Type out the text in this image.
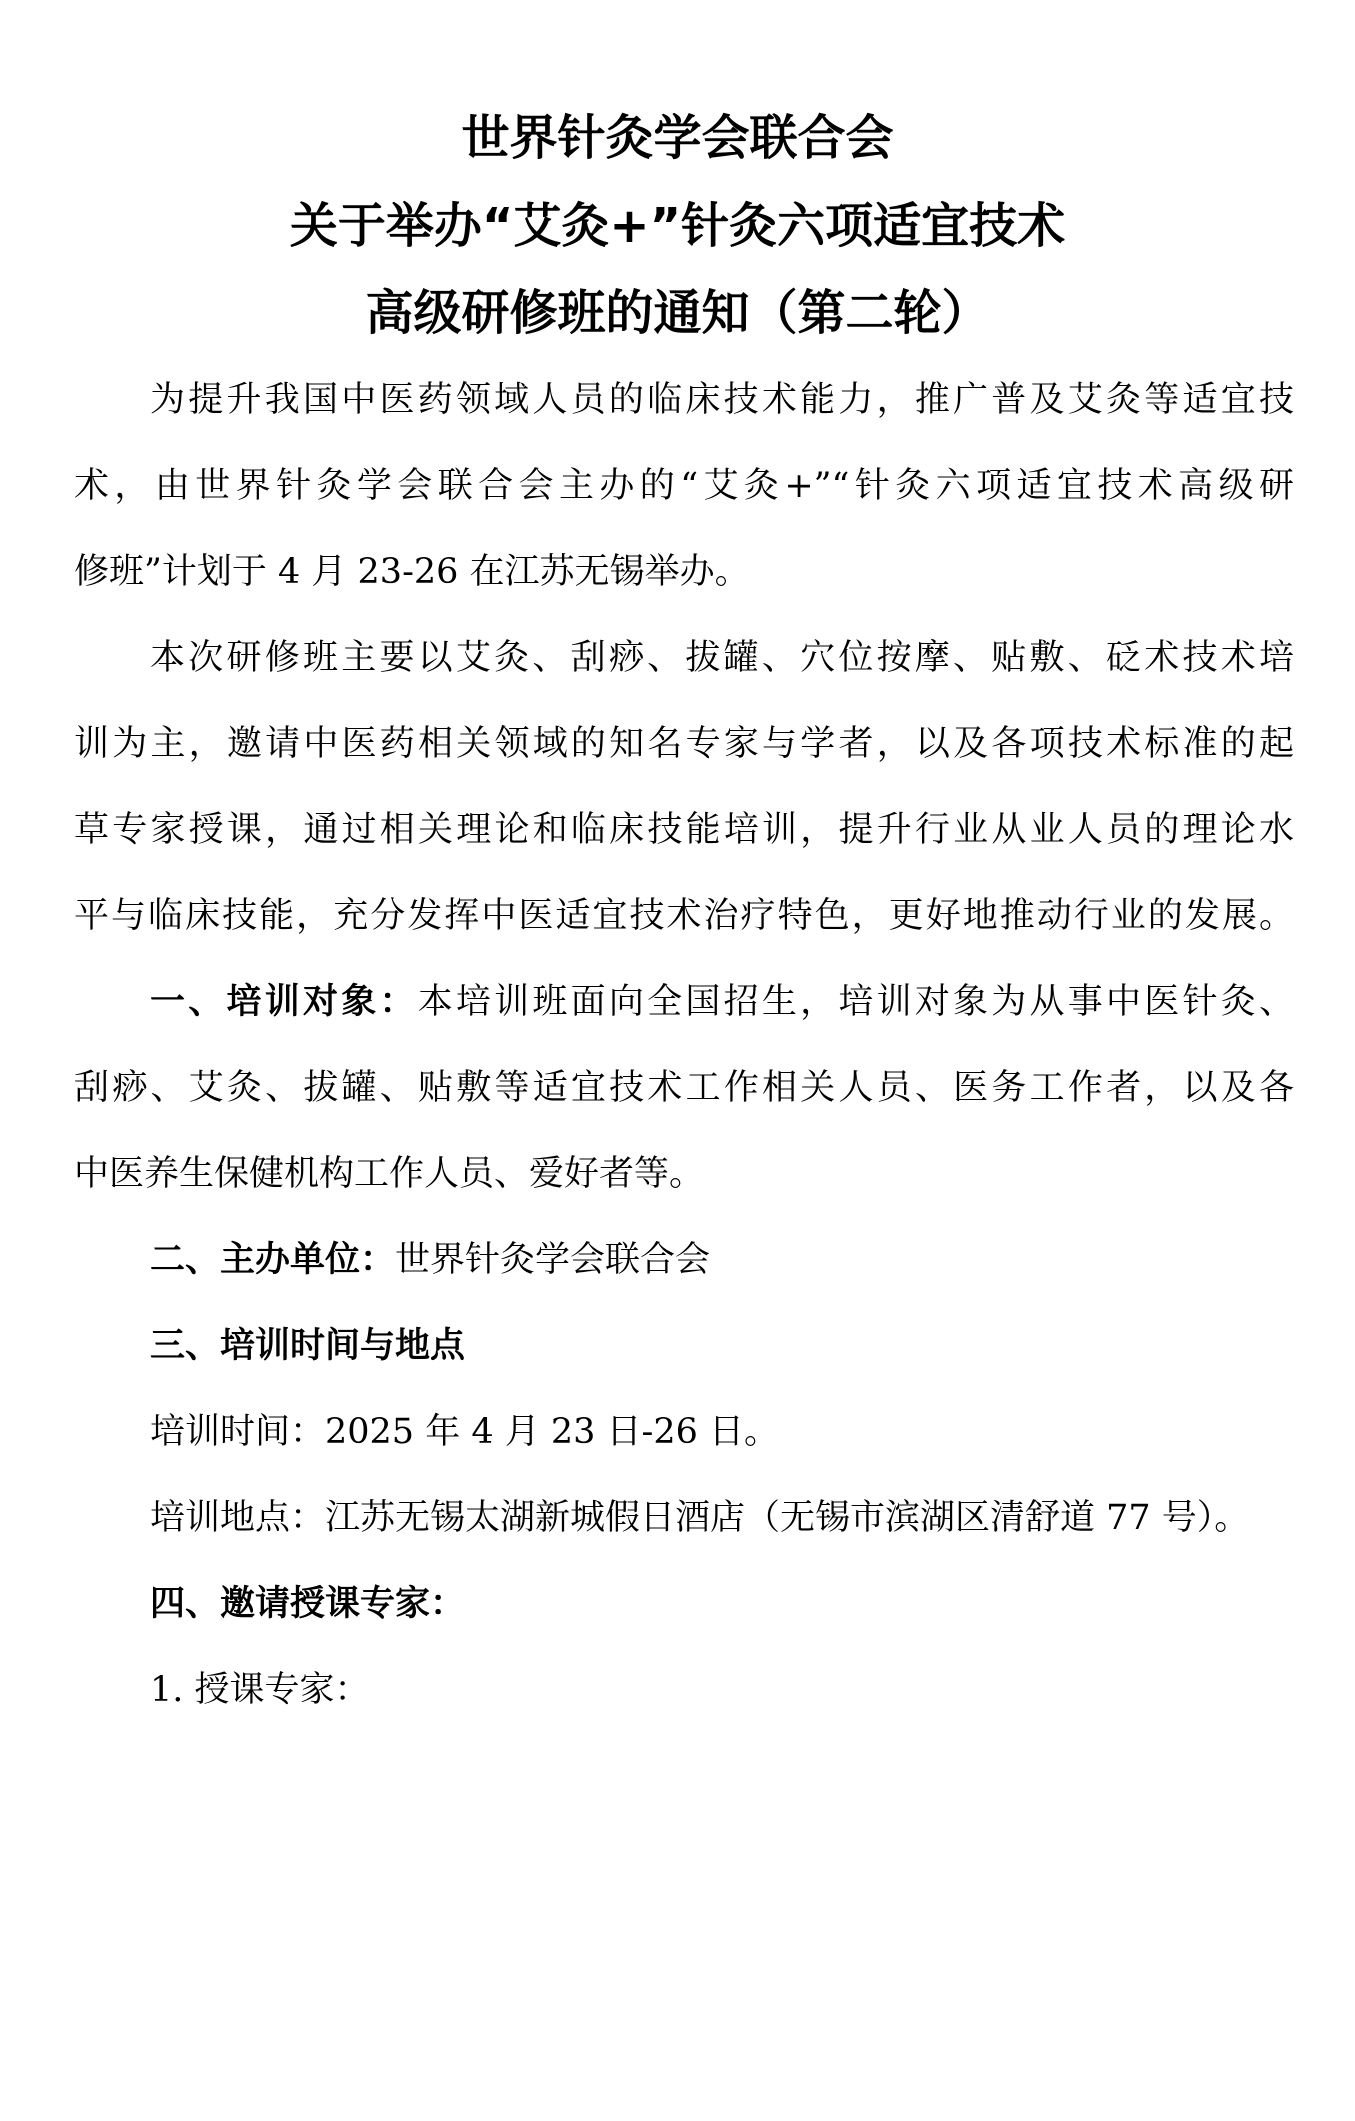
世界针灸学会联合会
关于举办“艾灸+”针灸六项适宜技术
高级研修班的通知（第二轮）

为提升我国中医药领域人员的临床技术能力，推广普及艾灸等适宜技

术，由世界针灸学会联合会主办的“艾灸+”“针灸六项适宜技术高级研

修班”计划于 4 月 23-26 在江苏无锡举办。

本次研修班主要以艾灸、刮痧、拔罐、穴位按摩、贴敷、砭术技术培

训为主，邀请中医药相关领域的知名专家与学者，以及各项技术标准的起

草专家授课，通过相关理论和临床技能培训，提升行业从业人员的理论水

平与临床技能，充分发挥中医适宜技术治疗特色，更好地推动行业的发展。

一、培训对象：本培训班面向全国招生，培训对象为从事中医针灸、

刮痧、艾灸、拔罐、贴敷等适宜技术工作相关人员、医务工作者，以及各

中医养生保健机构工作人员、爱好者等。

二、主办单位：世界针灸学会联合会

三、培训时间与地点

培训时间：2025 年 4 月 23 日-26 日。

培训地点：江苏无锡太湖新城假日酒店（无锡市滨湖区清舒道 77 号）。

四、邀请授课专家：

1. 授课专家：
